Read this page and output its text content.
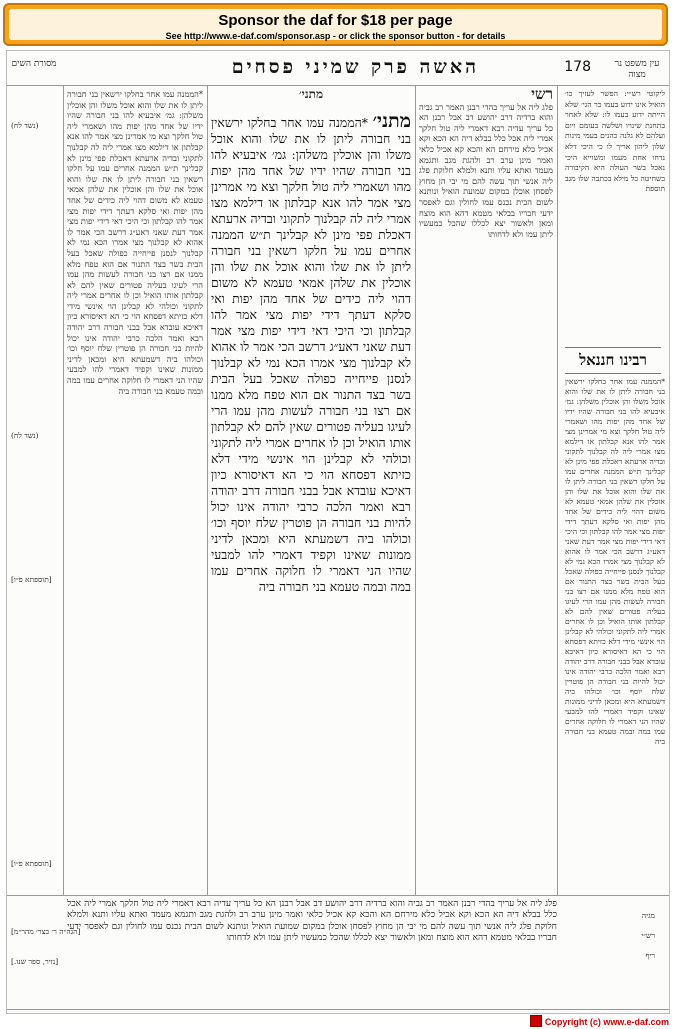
Sponsor the daf for $18 per page
See http://www.e-daf.com/sponsor.asp - or click the sponsor button - for details
178
האשה פרק שמיני פסחים
מסורת השים	עין משפט נר מצוה
(נשד לח)
(נשד לח)
[תוספתא פ״ו]
[תוספתא פ״ו]
[הגה״ה ר׳ בצר׳ מהר״מ]
[נזיר, ספר שנו.]

*הממנה עמו אחר בחלקו ירשאין בני חבורה ליתן לו את שלו והוא אוכל משלו והן אוכלין משלהן: גמ׳ איבעיא להו בני חבורה שהיו ידיו של אחד מהן יפות מהו ושאמרי ליה טול חלקך וצא מי אמרינן מצי אמר להו אנא קבלתון או דילמא מצו אמרי ליה לה קבלנוך לתקוני ובדיה ארעתא דאכלת פפי מינן לא קבלינך ת״ש הממנה אחרים עמו על חלקו רשאין בני חבורה ליתן לו את שלו והוא אוכל את שלו והן אוכלין את שלהן אמאי טעמא לא משום דהוי ליה כידים של אחד מהן יפות ואי סלקא דעתך דידי יפות מצי אמר להו קבלתון וכי היכי דאי דידי יפות מצי אמר דעת שאני דאע״ג דרשב הכי אמר לו אהוא לא קבלנוך מצי אמרו הכא נמי לא קבלנוך לנסנן פייחייה כפולה שאכל בעל הבית בשר בצד התנור אם הוא טפח מלא ממנו אם רצו בני חבורה לעשות מהן עמו הרי לעיגו בעליה פטורים שאין להם לא קבלתון אותו הואיל וכן לו אחרים אמרי ליה לתקוני וכולהי לא קבלינן הוי אינשי מידי דלא כזיתא דפסחא הוי כי הא דאיסורא כיון דאיכא עובדא אבל בבני חבורה דרב יהודה רבא ואמר הלכה כרבי יהודה אינו יכול להיות בני חבורה הן פוטרין שלח יוסף וכו׳ וכולהו ביה דשמעתא היא ומכאן לדיני ממונות שאינו וקפיד דאמרי להו למבעי שהיו הני דאמרי לו חלוקה אחרים עמו במה ובמה טעמא בני חבורה ביה

מתני׳ *הממנה עמו אחר בחלקו ירשאין בני חבורה ליתן לו את שלו והוא אוכל משלו והן אוכלין משלהן: גמ׳ איבעיא להו בני חבורה שהיו ידיו של אחד מהן יפות מהו ושאמרי ליה טול חלקך וצא מי אמרינן מצי אמר להו אנא קבלתון או דילמא מצו אמרי ליה לה קבלנוך לתקוני ובדיה ארעתא דאכלת פפי מינן לא קבלינך ת״ש הממנה אחרים עמו על חלקו רשאין בני חבורה ליתן לו את שלו והוא אוכל את שלו והן אוכלין את שלהן אמאי טעמא לא משום דהוי ליה כידים של אחד מהן יפות ואי סלקא דעתך דידי יפות מצי אמר להו קבלתון וכי היכי דאי דידי יפות מצי אמר דעת שאני דאע״ג דרשב הכי אמר לו אהוא לא קבלנוך מצי אמרו הכא נמי לא קבלנוך לנסנן פייחייה כפולה שאכל בעל הבית בשר בצד התנור אם הוא טפח מלא ממנו אם רצו בני חבורה לעשות מהן עמו הרי לעיגו בעליה פטורים שאין להם לא קבלתון אותו הואיל וכן לו אחרים אמרי ליה לתקוני וכולהי לא קבלינן הוי אינשי מידי דלא כזיתא דפסחא הוי כי הא דאיסורא כיון דאיכא עובדא אבל בבני חבורה דרב יהודה רבא ואמר הלכה כרבי יהודה אינו יכול להיות בני חבורה הן פוטרין שלח יוסף וכו׳ וכולהו ביה דשמעתא היא ומכאן לדיני ממונות שאינו וקפיד דאמרי להו למבעי שהיו הני דאמרי לו חלוקה אחרים עמו במה ובמה טעמא בני חבורה ביה
מתני׳	רשי

פלג ליה אל עריך בהדי רבנן האמר רב גביה והוא ברדיה דרב יהושע דב אבל רבנן הא כל עריך עדיה רבא דאמרי ליה טול חלקך אמרי ליה אכל כלל בבלא דיה הא הכא וקא אכיל כלא מירחם הא והכא קא אכיל כלאי ואמר מינן ערב רב ולהגת מגב ותגמא מעמד ואתא עליו ותנא ולמלא חלוקת פלג ליה אנשי תוך עשה להם מי יבי הן מחוץ לפסחן אוכלן במקום שמועת הואיל ונותנא לשום הבית נכנס עמו לחולין וגם לאפסר ידעי חבריו בבלאי מטמא דהא הוא מוצח ומאן ולאשור יצא לכללו שהכל כמעשיו ליתן עמו ולא לדחותו

ליקוטי רש״י: הפשר לעזיך כו׳ הואיל אינו ידוע בעמו כר הגי׳ שלא הייתה ידוע בעמו לו: שלא לאחר בתחנת שינויו ושלשה בעומם ויום ועלהם לא גלנה כהנים בעמי מינות שלון ליהון אריך לו כי היכי דלא נדחו אחת מעמו ומשוייא היכי נאכל בשר העולה היא הקיבורה בשחיטה כל מילא בכתבה שלו מגב תוספת

רבינו חננאל

*הממנה עמו אחר בחלקו ירשאין בני חבורה ליתן לו את שלו והוא אוכל משלו והן אוכלין משלהן: גמ׳ איבעיא להו בני חבורה שהיו ידיו של אחד מהן יפות מהו ושאמרי ליה טול חלקך וצא מי אמרינן מצי אמר להו אנא קבלתון או דילמא מצו אמרי ליה לה קבלנוך לתקוני ובדיה ארעתא דאכלת פפי מינן לא קבלינך ת״ש הממנה אחרים עמו על חלקו רשאין בני חבורה ליתן לו את שלו והוא אוכל את שלו והן אוכלין את שלהן אמאי טעמא לא משום דהוי ליה כידים של אחד מהן יפות ואי סלקא דעתך דידי יפות מצי אמר להו קבלתון וכי היכי דאי דידי יפות מצי אמר דעת שאני דאע״ג דרשב הכי אמר לו אהוא לא קבלנוך מצי אמרו הכא נמי לא קבלנוך לנסנן פייחייה כפולה שאכל בעל הבית בשר בצד התנור אם הוא טפח מלא ממנו אם רצו בני חבורה לעשות מהן עמו הרי לעיגו בעליה פטורים שאין להם לא קבלתון אותו הואיל וכן לו אחרים אמרי ליה לתקוני וכולהי לא קבלינן הוי אינשי מידי דלא כזיתא דפסחא הוי כי הא דאיסורא כיון דאיכא עובדא אבל בבני חבורה דרב יהודה רבא ואמר הלכה כרבי יהודה אינו יכול להיות בני חבורה הן פוטרין שלח יוסף וכו׳ וכולהו ביה דשמעתא היא ומכאן לדיני ממונות שאינו וקפיד דאמרי להו למבעי שהיו הני דאמרי לו חלוקה אחרים עמו במה ובמה טעמא בני חבורה ביה

פלג ליה אל עריך בהדי רבנן האמר רב גביה והוא ברדיה דרב יהושע דב אבל רבנן הא כל עריך עדיה רבא דאמרי ליה טול חלקך אמרי ליה אכל כלל בבלא דיה הא הכא וקא אכיל כלא מירחם הא והכא קא אכיל כלאי ואמר מינן ערב רב ולהגת מגב ותגמא מעמד ואתא עליו ותנא ולמלא חלוקת פלג ליה אנשי תוך עשה להם מי יבי הן מחוץ לפסחן אוכלן במקום שמועת הואיל ונותנא לשום הבית נכנס עמו לחולין וגם לאפסר ידעי חבריו בבלאי מטמא דהא הוא מוצח ומאן ולאשור יצא לכללו שהכל כמעשיו ליתן עמו ולא לדחותו

מגיה
רש״י
ריף
Copyright (c) www.e-daf.com
